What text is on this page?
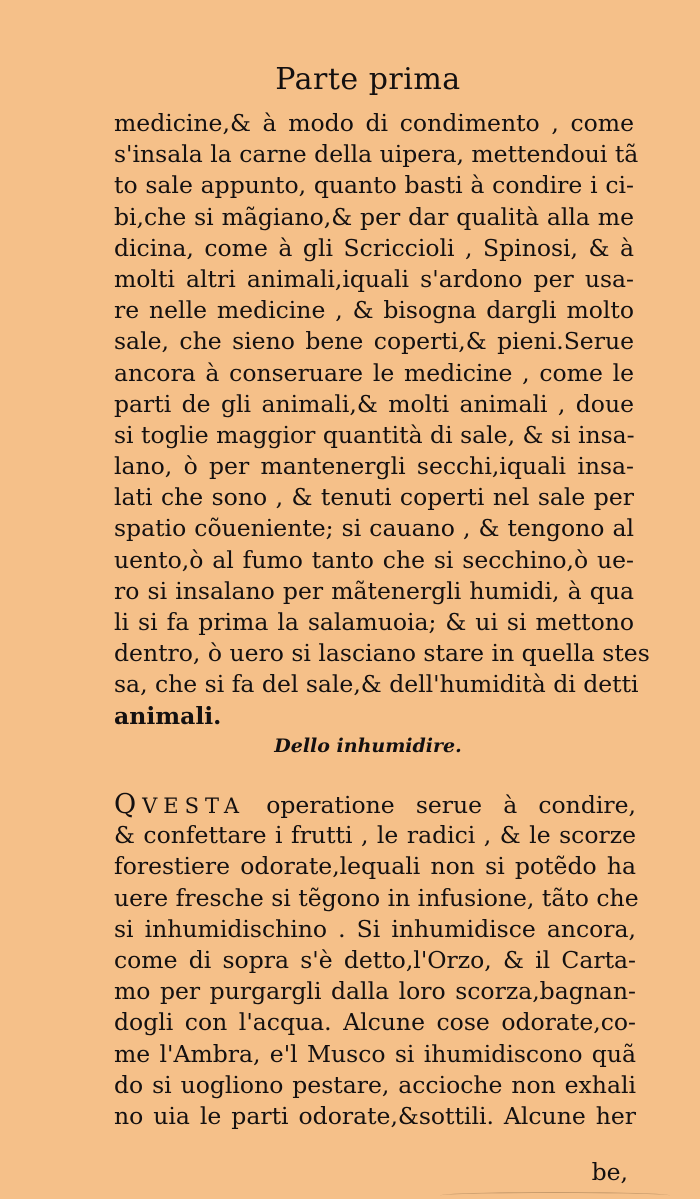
Parte prima
medicine,& à modo di condimento , come
s'insala la carne della uipera, mettendoui tã
to sale appunto, quanto basti à condire i ci-
bi,che si mãgiano,& per dar qualità alla me
dicina, come à gli Scriccioli , Spinosi, & à
molti altri animali,iquali s'ardono per usa-
re nelle medicine , & bisogna dargli molto
sale, che sieno bene coperti,& pieni.Serue
ancora à conseruare le medicine , come le
parti de gli animali,& molti animali , doue
si toglie maggior quantità di sale, & si insa-
lano, ò per mantenergli secchi,iquali insa-
lati che sono , & tenuti coperti nel sale per
spatio cõueniente; si cauano , & tengono al
uento,ò al fumo tanto che si secchino,ò ue-
ro si insalano per mãtenergli humidi, à qua
li si fa prima la salamuoia; & ui si mettono
dentro, ò uero si lasciano stare in quella stes
sa, che si fa del sale,& dell'humidità di detti
animali.
Dello inhumidire.
QVESTA operatione serue à condire,
& confettare i frutti , le radici , & le scorze
forestiere odorate,lequali non si potẽdo ha
uere fresche si tẽgono in infusione, tãto che
si inhumidischino . Si inhumidisce ancora,
come di sopra s'è detto,l'Orzo, & il Carta-
mo per purgargli dalla loro scorza,bagnan-
dogli con l'acqua. Alcune cose odorate,co-
me l'Ambra, e'l Musco si ihumidiscono quã
do si uogliono pestare, accioche non exhali
no uia le parti odorate,&sottili. Alcune her
be,
